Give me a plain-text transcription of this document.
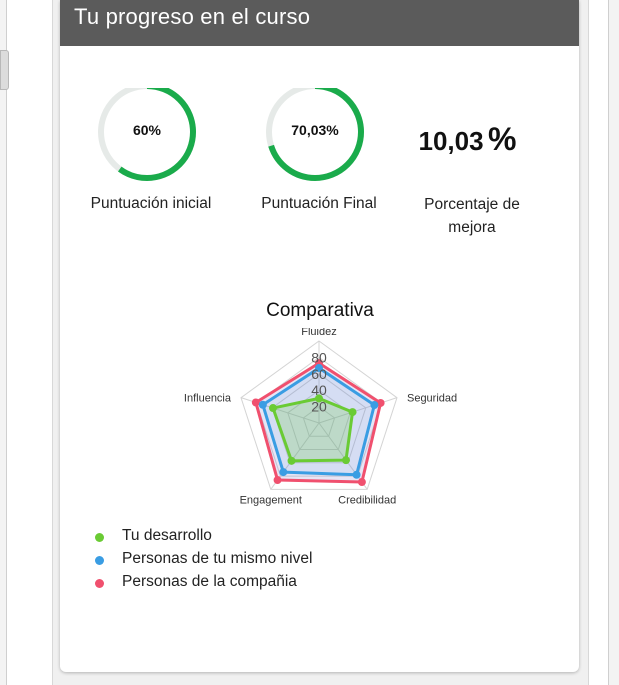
Tu progreso en el curso
60%
Puntuación inicial
70,03%
Puntuación Final
10,03 %
Porcentaje de
mejora
Comparativa
20
40
60
80
Fluidez
Seguridad
Credibilidad
Engagement
Influencia
Tu desarrollo
Personas de tu mismo nivel
Personas de la compañia
